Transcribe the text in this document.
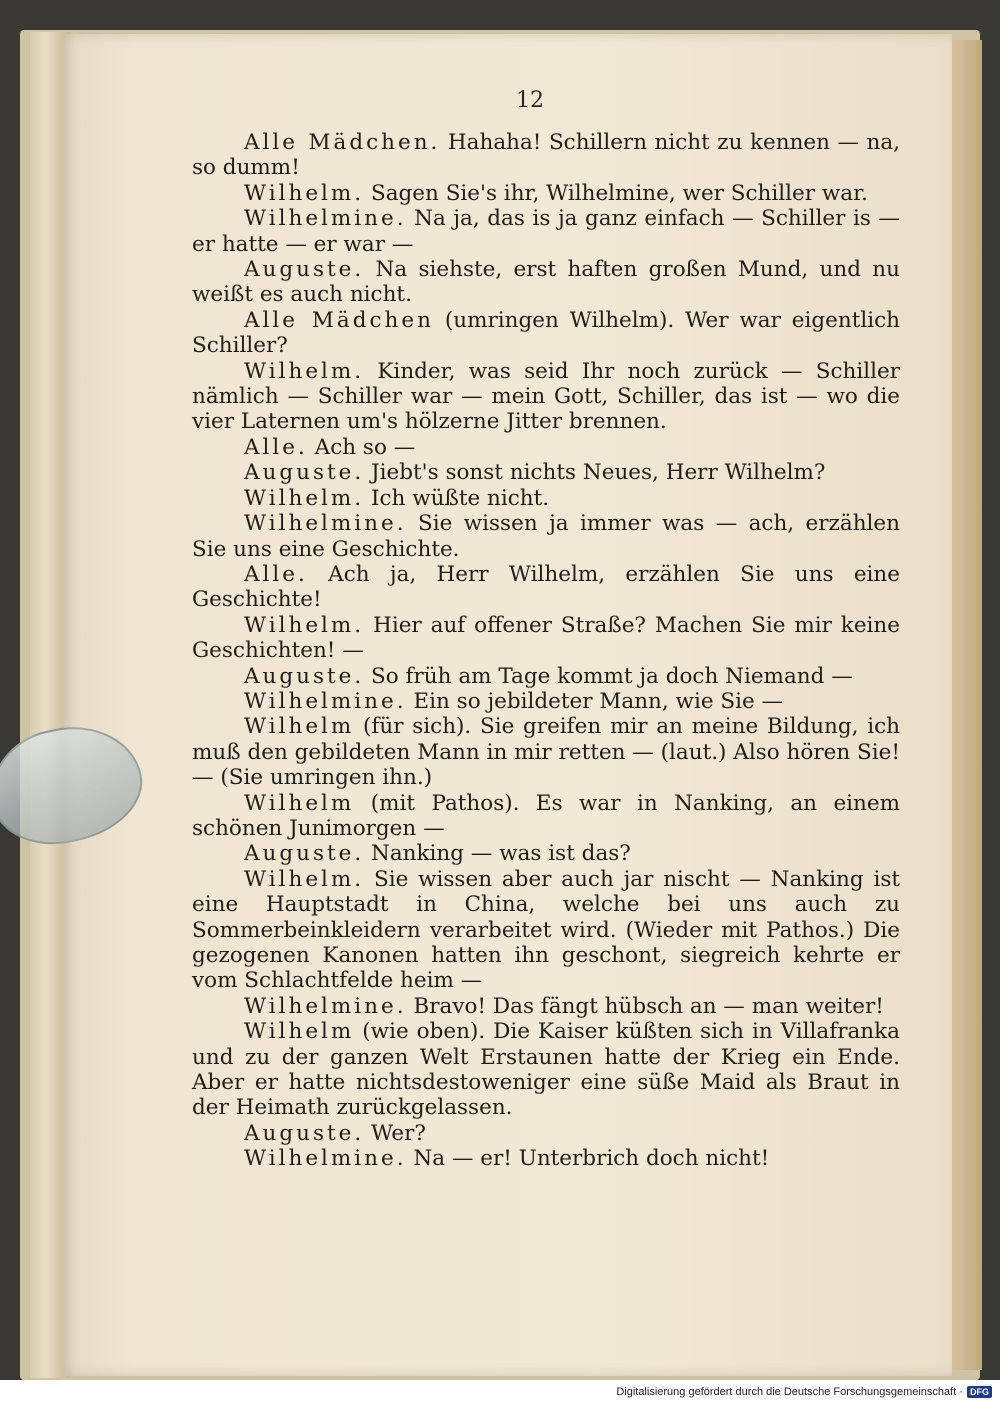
12

Alle Mädchen. Hahaha! Schillern nicht zu kennen — na, so dumm!

Wilhelm. Sagen Sie's ihr, Wilhelmine, wer Schiller war.

Wilhelmine. Na ja, das is ja ganz einfach — Schiller is — er hatte — er war —

Auguste. Na siehste, erst haften großen Mund, und nu weißt es auch nicht.

Alle Mädchen (umringen Wilhelm). Wer war eigentlich Schiller?

Wilhelm. Kinder, was seid Ihr noch zurück — Schiller nämlich — Schiller war — mein Gott, Schiller, das ist — wo die vier Laternen um's hölzerne Jitter brennen.

Alle. Ach so —

Auguste. Jiebt's sonst nichts Neues, Herr Wilhelm?

Wilhelm. Ich wüßte nicht.

Wilhelmine. Sie wissen ja immer was — ach, erzählen Sie uns eine Geschichte.

Alle. Ach ja, Herr Wilhelm, erzählen Sie uns eine Geschichte!

Wilhelm. Hier auf offener Straße? Machen Sie mir keine Geschichten! —

Auguste. So früh am Tage kommt ja doch Niemand —

Wilhelmine. Ein so jebildeter Mann, wie Sie —

Wilhelm (für sich). Sie greifen mir an meine Bildung, ich muß den gebildeten Mann in mir retten — (laut.) Also hören Sie! — (Sie umringen ihn.)

Wilhelm (mit Pathos). Es war in Nanking, an einem schönen Junimorgen —

Auguste. Nanking — was ist das?

Wilhelm. Sie wissen aber auch jar nischt — Nanking ist eine Hauptstadt in China, welche bei uns auch zu Sommerbeinkleidern verarbeitet wird. (Wieder mit Pathos.) Die gezogenen Kanonen hatten ihn geschont, siegreich kehrte er vom Schlachtfelde heim —

Wilhelmine. Bravo! Das fängt hübsch an — man weiter!

Wilhelm (wie oben). Die Kaiser küßten sich in Villafranka und zu der ganzen Welt Erstaunen hatte der Krieg ein Ende. Aber er hatte nichtsdestoweniger eine süße Maid als Braut in der Heimath zurückgelassen.

Auguste. Wer?

Wilhelmine. Na — er! Unterbrich doch nicht!

Digitalisierung gefördert durch die Deutsche Forschungsgemeinschaft · DFG
